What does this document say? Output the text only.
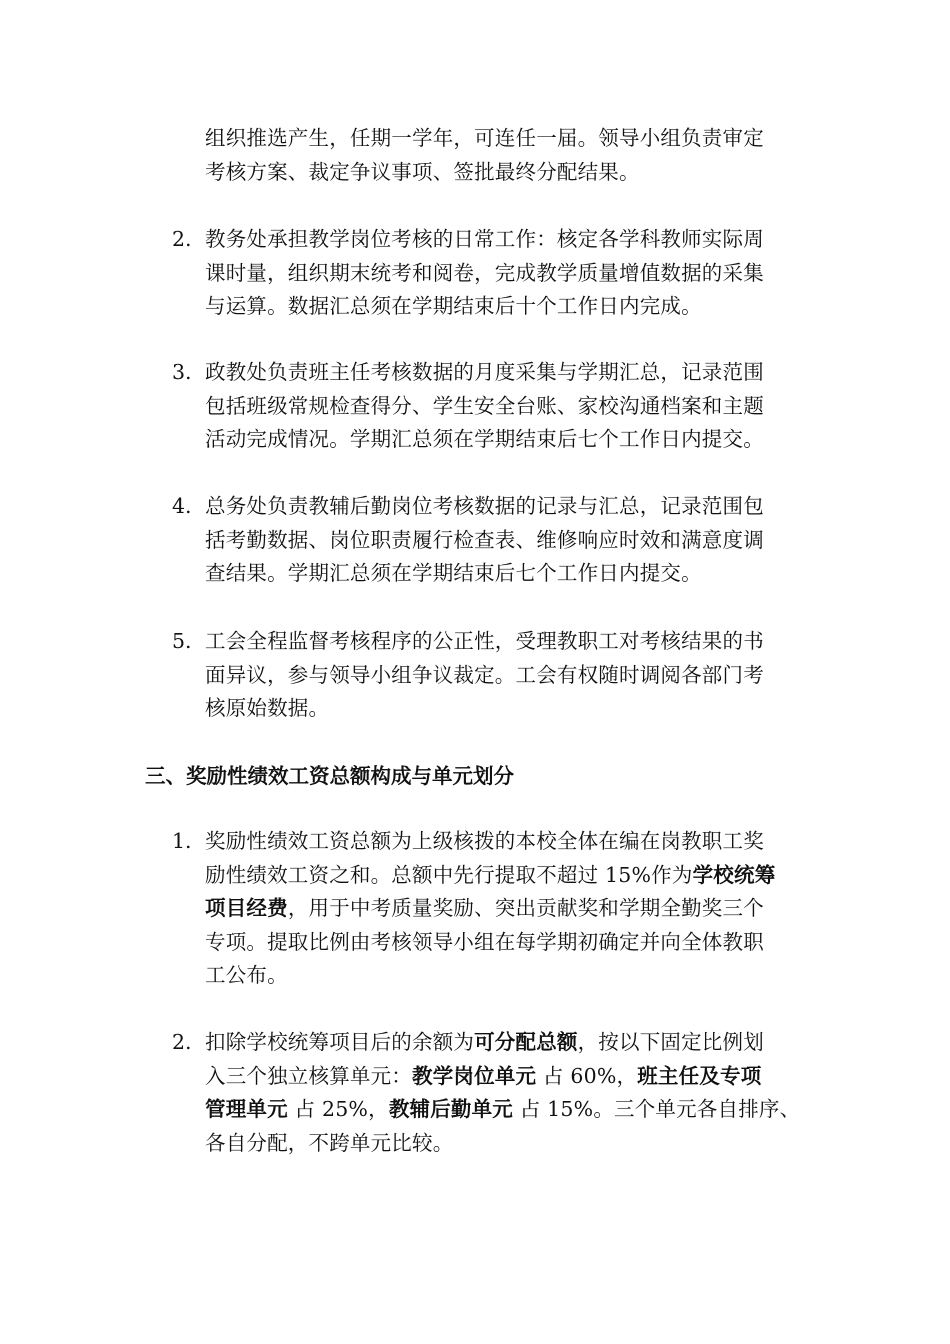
组织推选产生，任期一学年，可连任一届。领导小组负责审定
考核方案、裁定争议事项、签批最终分配结果。
2. 教务处承担教学岗位考核的日常工作：核定各学科教师实际周
课时量，组织期末统考和阅卷，完成教学质量增值数据的采集
与运算。数据汇总须在学期结束后十个工作日内完成。
3. 政教处负责班主任考核数据的月度采集与学期汇总，记录范围
包括班级常规检查得分、学生安全台账、家校沟通档案和主题
活动完成情况。学期汇总须在学期结束后七个工作日内提交。
4. 总务处负责教辅后勤岗位考核数据的记录与汇总，记录范围包
括考勤数据、岗位职责履行检查表、维修响应时效和满意度调
查结果。学期汇总须在学期结束后七个工作日内提交。
5. 工会全程监督考核程序的公正性，受理教职工对考核结果的书
面异议，参与领导小组争议裁定。工会有权随时调阅各部门考
核原始数据。
三、奖励性绩效工资总额构成与单元划分
1. 奖励性绩效工资总额为上级核拨的本校全体在编在岗教职工奖
励性绩效工资之和。总额中先行提取不超过 15%作为学校统筹
项目经费，用于中考质量奖励、突出贡献奖和学期全勤奖三个
专项。提取比例由考核领导小组在每学期初确定并向全体教职
工公布。
2. 扣除学校统筹项目后的余额为可分配总额，按以下固定比例划
入三个独立核算单元：教学岗位单元 占 60%，班主任及专项
管理单元 占 25%，教辅后勤单元 占 15%。三个单元各自排序、
各自分配，不跨单元比较。
